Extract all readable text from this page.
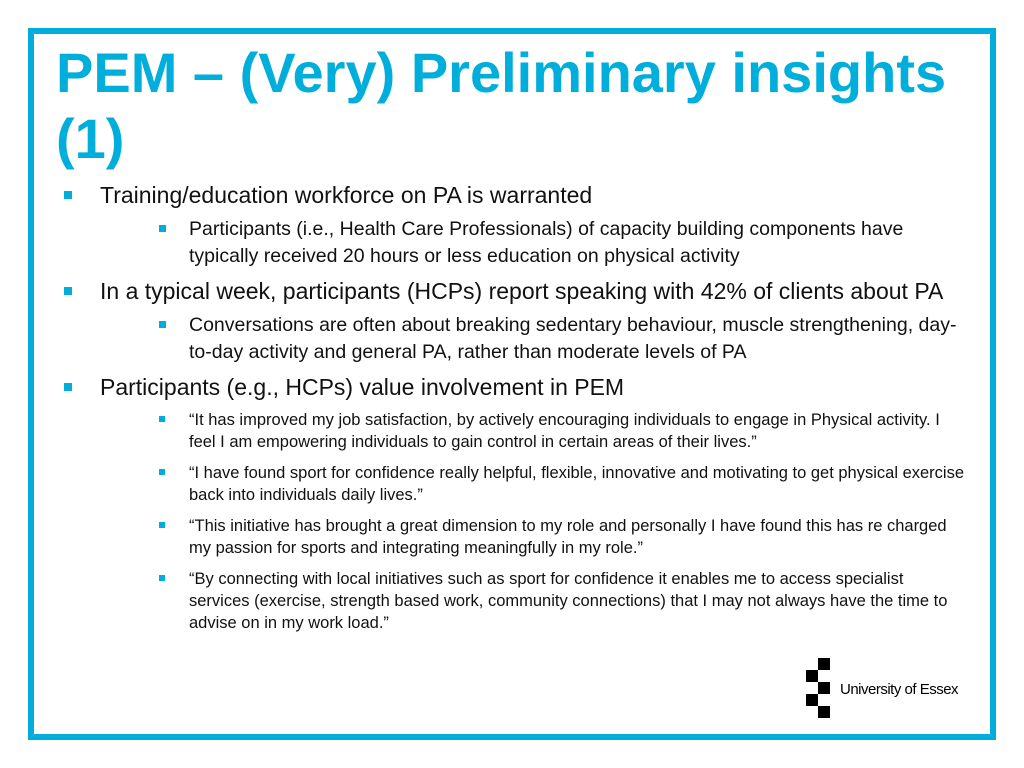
PEM – (Very) Preliminary insights (1)
Training/education workforce on PA is warranted
Participants (i.e., Health Care Professionals) of capacity building components have typically received 20 hours or less education on physical activity
In a typical week, participants (HCPs) report speaking with 42% of clients about PA
Conversations are often about breaking sedentary behaviour, muscle strengthening, day-to-day activity and general PA, rather than moderate levels of PA
Participants (e.g., HCPs) value involvement in PEM
“It has improved my job satisfaction, by actively encouraging individuals to engage in Physical activity. I feel I am empowering individuals to gain control in certain areas of their lives.”
“I have found sport for confidence really helpful, flexible, innovative and motivating to get physical exercise back into individuals daily lives.”
“This initiative has brought a great dimension to my role and personally I have found this has re charged my passion for sports and integrating meaningfully in my role.”
“By connecting with local initiatives such as sport for confidence it enables me to access specialist services (exercise, strength based work, community connections) that I may not always have the time to advise on in my work load.”
University of Essex
